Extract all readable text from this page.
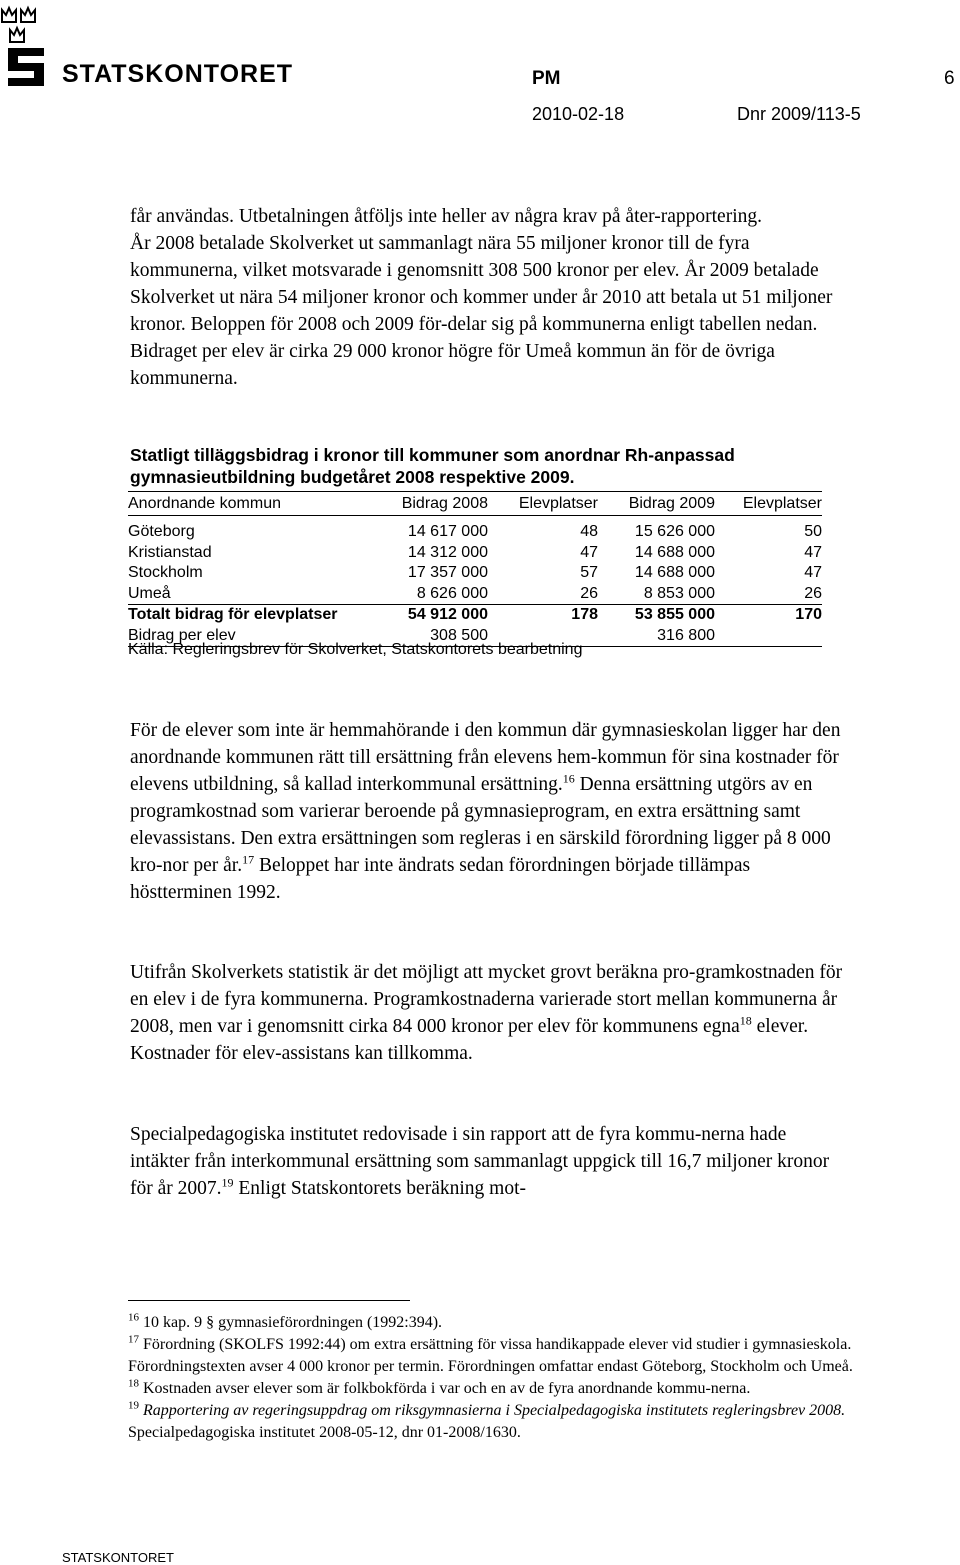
STATSKONTORET	PM	6
2010-02-18	Dnr 2009/113-5

får användas. Utbetalningen åtföljs inte heller av några krav på åter-rapportering.

År 2008 betalade Skolverket ut sammanlagt nära 55 miljoner kronor till de fyra kommunerna, vilket motsvarade i genomsnitt 308 500 kronor per elev. År 2009 betalade Skolverket ut nära 54 miljoner kronor och kommer under år 2010 att betala ut 51 miljoner kronor. Beloppen för 2008 och 2009 för-delar sig på kommunerna enligt tabellen nedan. Bidraget per elev är cirka 29 000 kronor högre för Umeå kommun än för de övriga kommunerna.

Statligt tilläggsbidrag i kronor till kommuner som anordnar Rh-anpassad gymnasieutbildning budgetåret 2008 respektive 2009.
Anordnande kommun	Bidrag 2008	Elevplatser	Bidrag 2009	Elevplatser

Göteborg	14 617 000	48	15 626 000	50
Kristianstad	14 312 000	47	14 688 000	47
Stockholm	17 357 000	57	14 688 000	47
Umeå	8 626 000	26	8 853 000	26
Totalt bidrag för elevplatser	54 912 000	178	53 855 000	170
Bidrag per elev	308 500		316 800	
Källa: Regleringsbrev för Skolverket, Statskontorets bearbetning

För de elever som inte är hemmahörande i den kommun där gymnasieskolan ligger har den anordnande kommunen rätt till ersättning från elevens hem-kommun för sina kostnader för elevens utbildning, så kallad interkommunal ersättning.$^{16}$ Denna ersättning utgörs av en programkostnad som varierar beroende på gymnasieprogram, en extra ersättning samt elevassistans. Den extra ersättningen som regleras i en särskild förordning ligger på 8 000 kro-nor per år.$^{17}$ Beloppet har inte ändrats sedan förordningen började tillämpas höstterminen 1992.

Utifrån Skolverkets statistik är det möjligt att mycket grovt beräkna pro-gramkostnaden för en elev i de fyra kommunerna. Programkostnaderna varierade stort mellan kommunerna år 2008, men var i genomsnitt cirka 84 000 kronor per elev för kommunens egna$^{18}$ elever. Kostnader för elev-assistans kan tillkomma.

Specialpedagogiska institutet redovisade i sin rapport att de fyra kommu-nerna hade intäkter från interkommunal ersättning som sammanlagt uppgick till 16,7 miljoner kronor för år 2007.19 Enligt Statskontorets beräkning mot-

$^{16}$ 10 kap. 9 § gymnasieförordningen (1992:394).

$^{17}$ Förordning (SKOLFS 1992:44) om extra ersättning för vissa handikappade elever vid studier i gymnasieskola. Förordningstexten avser 4 000 kronor per termin. Förordningen omfattar endast Göteborg, Stockholm och Umeå.

$^{18}$ Kostnaden avser elever som är folkbokförda i var och en av de fyra anordnande kommu-nerna.

$^{19}$ Rapportering av regeringsuppdrag om riksgymnasierna i Specialpedagogiska institutets regleringsbrev 2008. Specialpedagogiska institutet 2008-05-12, dnr 01-2008/1630.

STATSKONTORET
